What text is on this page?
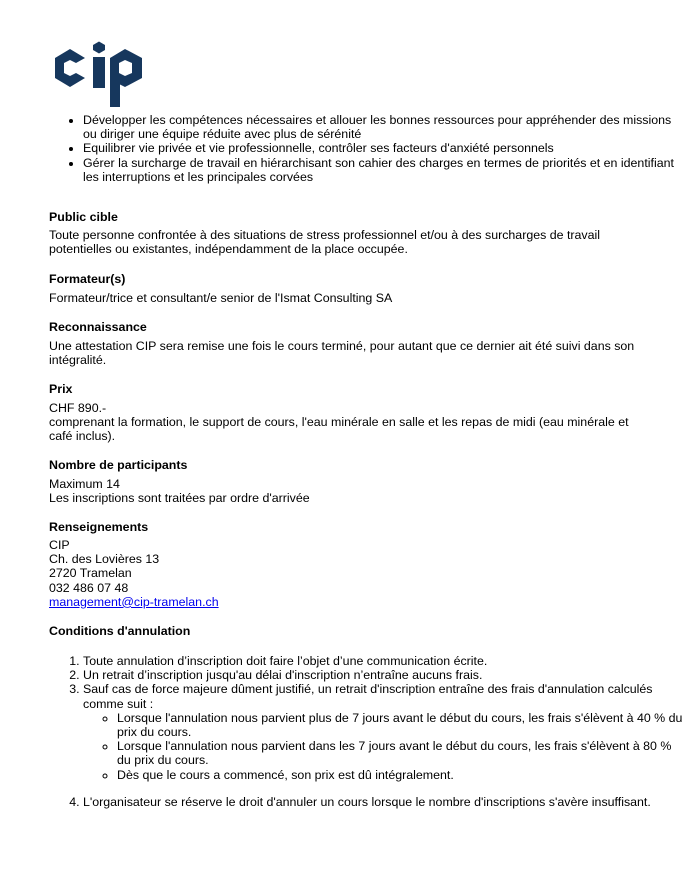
• Développer les compétences nécessaires et allouer les bonnes ressources pour appréhender des missions ou diriger une équipe réduite avec plus de sérénité
• Equilibrer vie privée et vie professionnelle, contrôler ses facteurs d'anxiété personnels
• Gérer la surcharge de travail en hiérarchisant son cahier des charges en termes de priorités et en identifiant les interruptions et les principales corvées
Public cible

Toute personne confrontée à des situations de stress professionnel et/ou à des surcharges de travail potentielles ou existantes, indépendamment de la place occupée.

Formateur(s)

Formateur/trice et consultant/e senior de l'Ismat Consulting SA

Reconnaissance

Une attestation CIP sera remise une fois le cours terminé, pour autant que ce dernier ait été suivi dans son intégralité.

Prix
CHF 890.-
comprenant la formation, le support de cours, l'eau minérale en salle et les repas de midi (eau minérale et café inclus).
Nombre de participants
Maximum 14
Les inscriptions sont traitées par ordre d'arrivée
Renseignements
CIP
Ch. des Lovières 13
2720 Tramelan
032 486 07 48
management@cip-tramelan.ch
Conditions d'annulation
1. Toute annulation d’inscription doit faire l’objet d’une communication écrite.
2. Un retrait d’inscription jusqu'au délai d'inscription n’entraîne aucuns frais.
3. Sauf cas de force majeure dûment justifié, un retrait d'inscription entraîne des frais d'annulation calculés comme suit :
◦ Lorsque l'annulation nous parvient plus de 7 jours avant le début du cours, les frais s'élèvent à 40 % du prix du cours.
◦ Lorsque l'annulation nous parvient dans les 7 jours avant le début du cours, les frais s'élèvent à 80 % du prix du cours.
◦ Dès que le cours a commencé, son prix est dû intégralement.
4. L'organisateur se réserve le droit d'annuler un cours lorsque le nombre d'inscriptions s'avère insuffisant.
